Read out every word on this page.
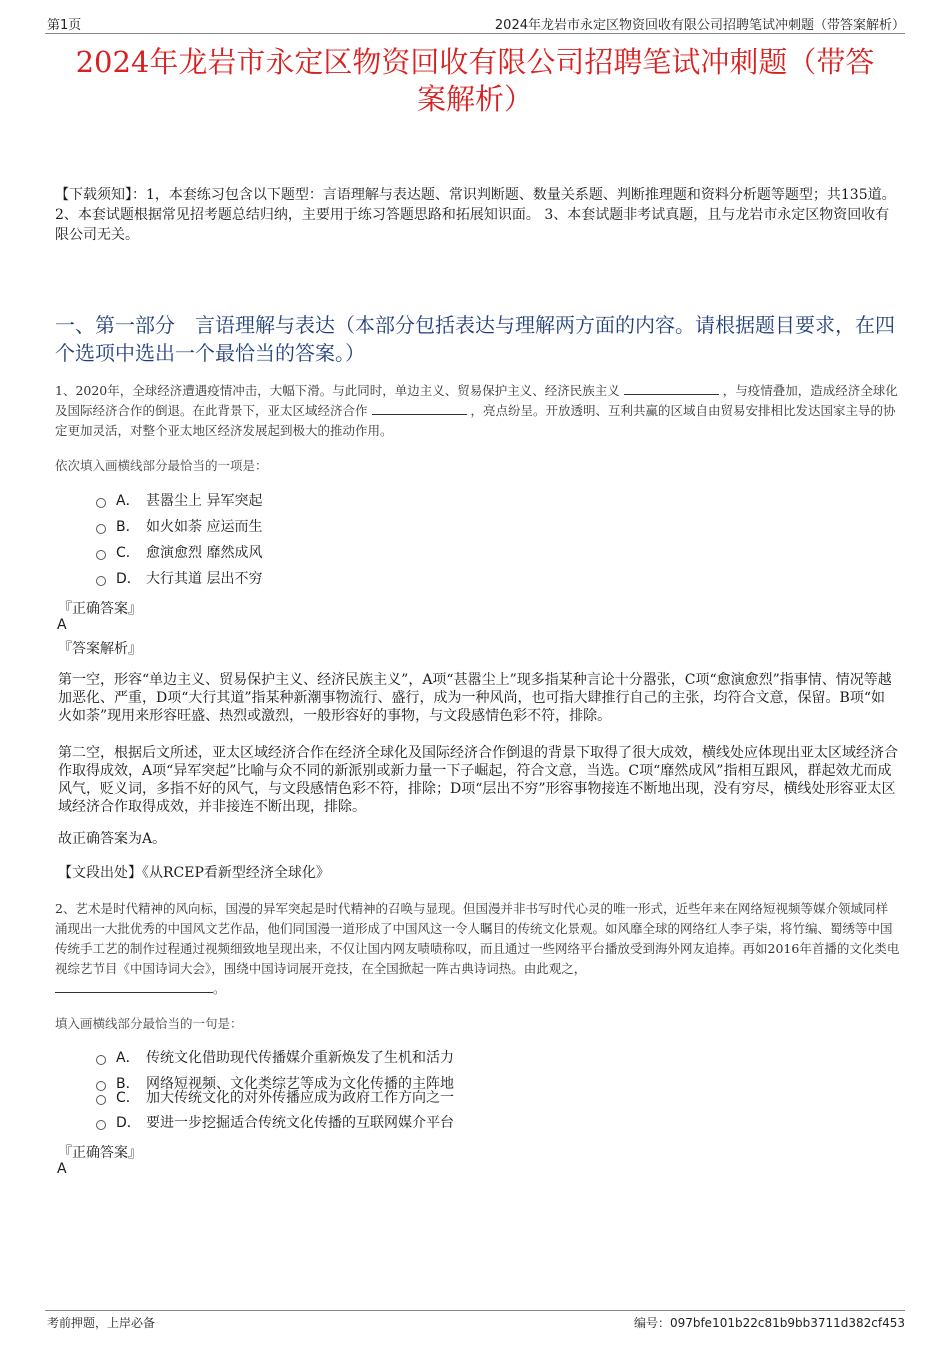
第1页	2024年龙岩市永定区物资回收有限公司招聘笔试冲刺题（带答案解析）
2024年龙岩市永定区物资回收有限公司招聘笔试冲刺题（带答
案解析）
【下载须知】：1，本套练习包含以下题型：言语理解与表达题、常识判断题、数量关系题、判断推理题和资料分析题等题型；共135道。 2、本套试题根据常见招考题总结归纳，主要用于练习答题思路和拓展知识面。 3、本套试题非考试真题，且与龙岩市永定区物资回收有限公司无关。
一、第一部分　言语理解与表达（本部分包括表达与理解两方面的内容。请根据题目要求，在四个选项中选出一个最恰当的答案。）
1、2020年，全球经济遭遇疫情冲击，大幅下滑。与此同时，单边主义、贸易保护主义、经济民族主义	，与疫情叠加，造成经济全球化及国际经济合作的倒退。在此背景下，亚太区域经济合作	，亮点纷呈。开放透明、互利共赢的区域自由贸易安排相比发达国家主导的协定更加灵活，对整个亚太地区经济发展起到极大的推动作用。
依次填入画横线部分最恰当的一项是：
A． 甚嚣尘上 异军突起
B． 如火如荼 应运而生
C． 愈演愈烈 靡然成风
D． 大行其道 层出不穷
『正确答案』
A
『答案解析』
第一空，形容“单边主义、贸易保护主义、经济民族主义”，A项“甚嚣尘上”现多指某种言论十分嚣张，C项“愈演愈烈”指事情、情况等越加恶化、严重，D项“大行其道”指某种新潮事物流行、盛行，成为一种风尚，也可指大肆推行自己的主张，均符合文意，保留。B项“如火如荼”现用来形容旺盛、热烈或激烈，一般形容好的事物，与文段感情色彩不符，排除。
第二空，根据后文所述，亚太区域经济合作在经济全球化及国际经济合作倒退的背景下取得了很大成效，横线处应体现出亚太区域经济合作取得成效，A项“异军突起”比喻与众不同的新派别或新力量一下子崛起，符合文意，当选。C项“靡然成风”指相互跟风，群起效尤而成风气，贬义词，多指不好的风气，与文段感情色彩不符，排除；D项“层出不穷”形容事物接连不断地出现，没有穷尽，横线处形容亚太区域经济合作取得成效，并非接连不断出现，排除。
故正确答案为A。
【文段出处】《从RCEP看新型经济全球化》
2、艺术是时代精神的风向标，国漫的异军突起是时代精神的召唤与显现。但国漫并非书写时代心灵的唯一形式，近些年来在网络短视频等媒介领域同样涌现出一大批优秀的中国风文艺作品，他们同国漫一道形成了中国风这一令人瞩目的传统文化景观。如风靡全球的网络红人李子柒，将竹编、蜀绣等中国传统手工艺的制作过程通过视频细致地呈现出来，不仅让国内网友啧啧称叹，而且通过一些网络平台播放受到海外网友追捧。再如2016年首播的文化类电视综艺节目《中国诗词大会》，围绕中国诗词展开竞技，在全国掀起一阵古典诗词热。由此观之，
。
填入画横线部分最恰当的一句是：
A． 传统文化借助现代传播媒介重新焕发了生机和活力
B． 网络短视频、文化类综艺等成为文化传播的主阵地
C． 加大传统文化的对外传播应成为政府工作方向之一
D． 要进一步挖掘适合传统文化传播的互联网媒介平台
『正确答案』
A
考前押题，上岸必备	编号：097bfe101b22c81b9bb3711d382cf453
